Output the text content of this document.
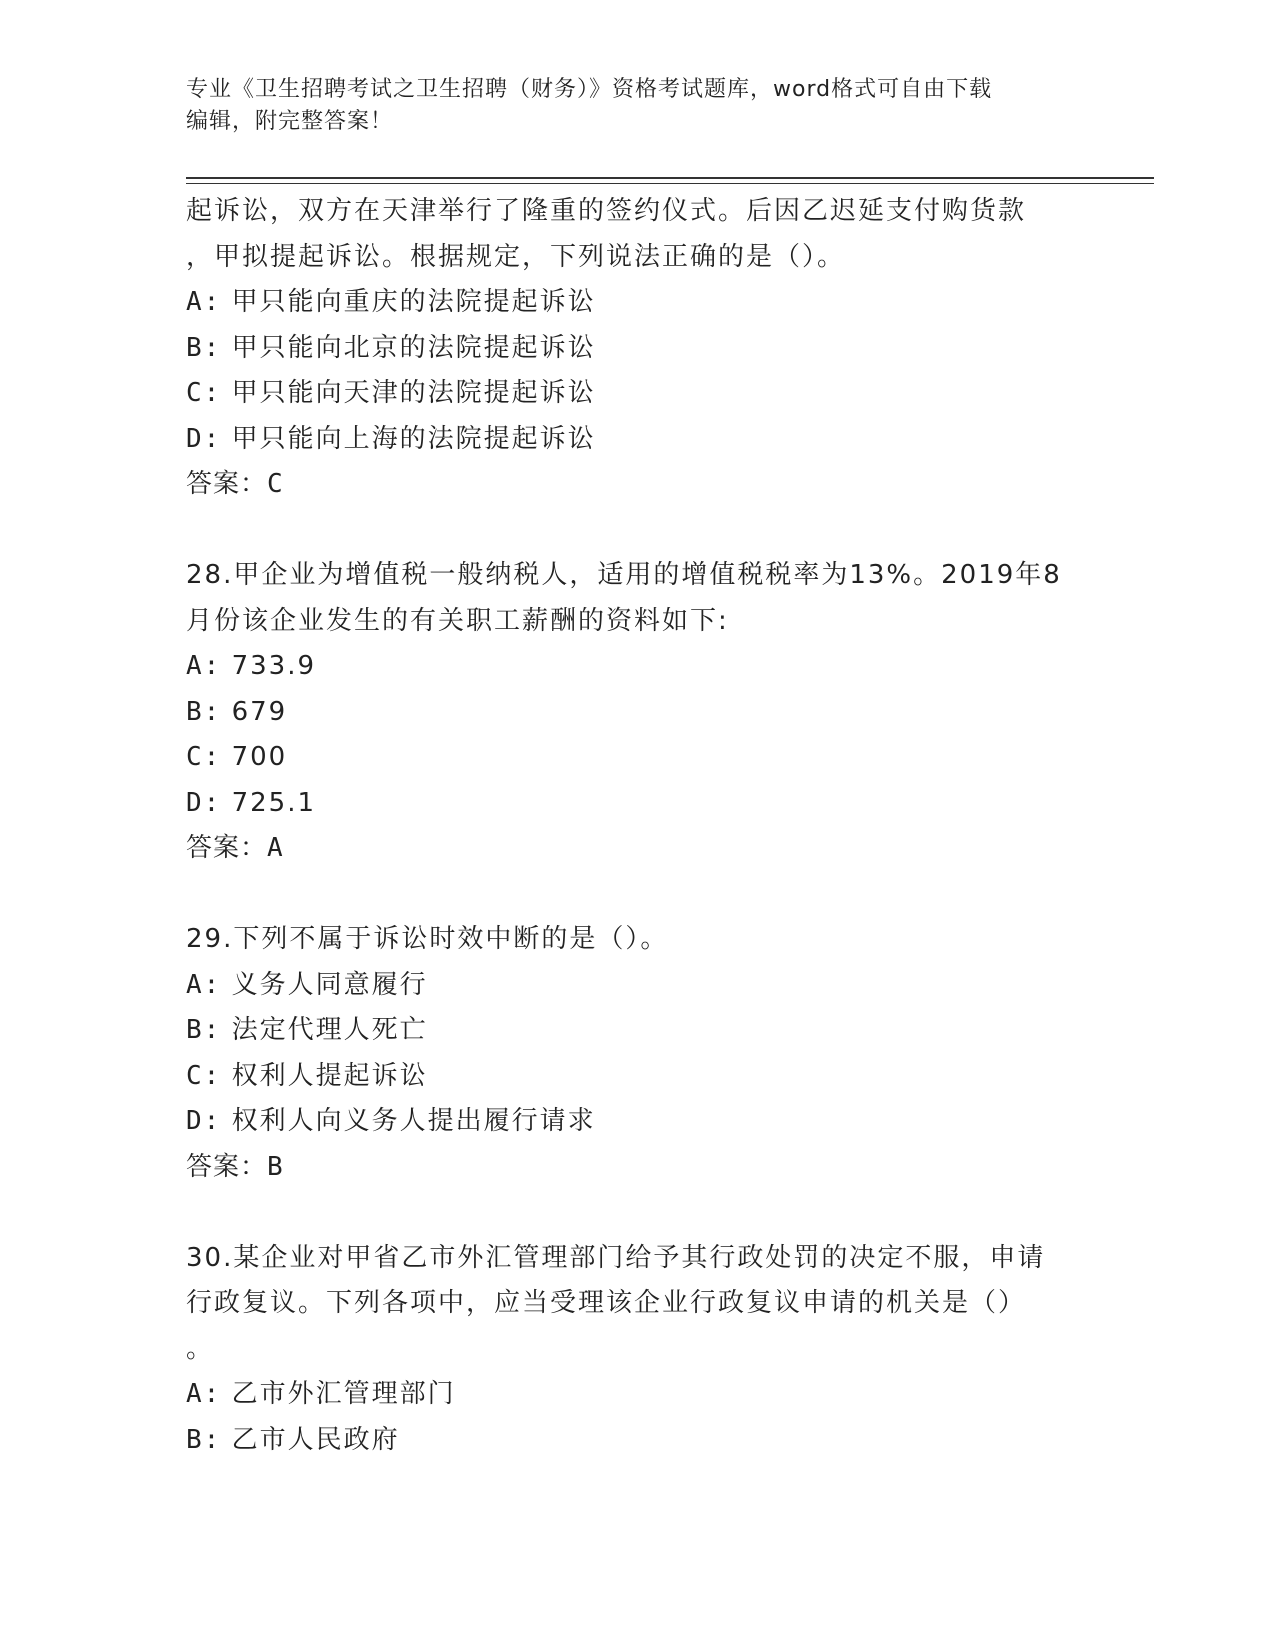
专业《卫生招聘考试之卫生招聘（财务）》资格考试题库，word格式可自由下载
编辑，附完整答案！
起诉讼，双方在天津举行了隆重的签约仪式。后因乙迟延支付购货款
，甲拟提起诉讼。根据规定，下列说法正确的是（）。
A: 甲只能向重庆的法院提起诉讼
B: 甲只能向北京的法院提起诉讼
C: 甲只能向天津的法院提起诉讼
D: 甲只能向上海的法院提起诉讼
答案：C
28.甲企业为增值税一般纳税人，适用的增值税税率为13%。2019年8
月份该企业发生的有关职工薪酬的资料如下:
A: 733.9
B: 679
C: 700
D: 725.1
答案：A
29.下列不属于诉讼时效中断的是（）。
A: 义务人同意履行
B: 法定代理人死亡
C: 权利人提起诉讼
D: 权利人向义务人提出履行请求
答案：B
30.某企业对甲省乙市外汇管理部门给予其行政处罚的决定不服，申请
行政复议。下列各项中，应当受理该企业行政复议申请的机关是（）
。
A: 乙市外汇管理部门
B: 乙市人民政府
